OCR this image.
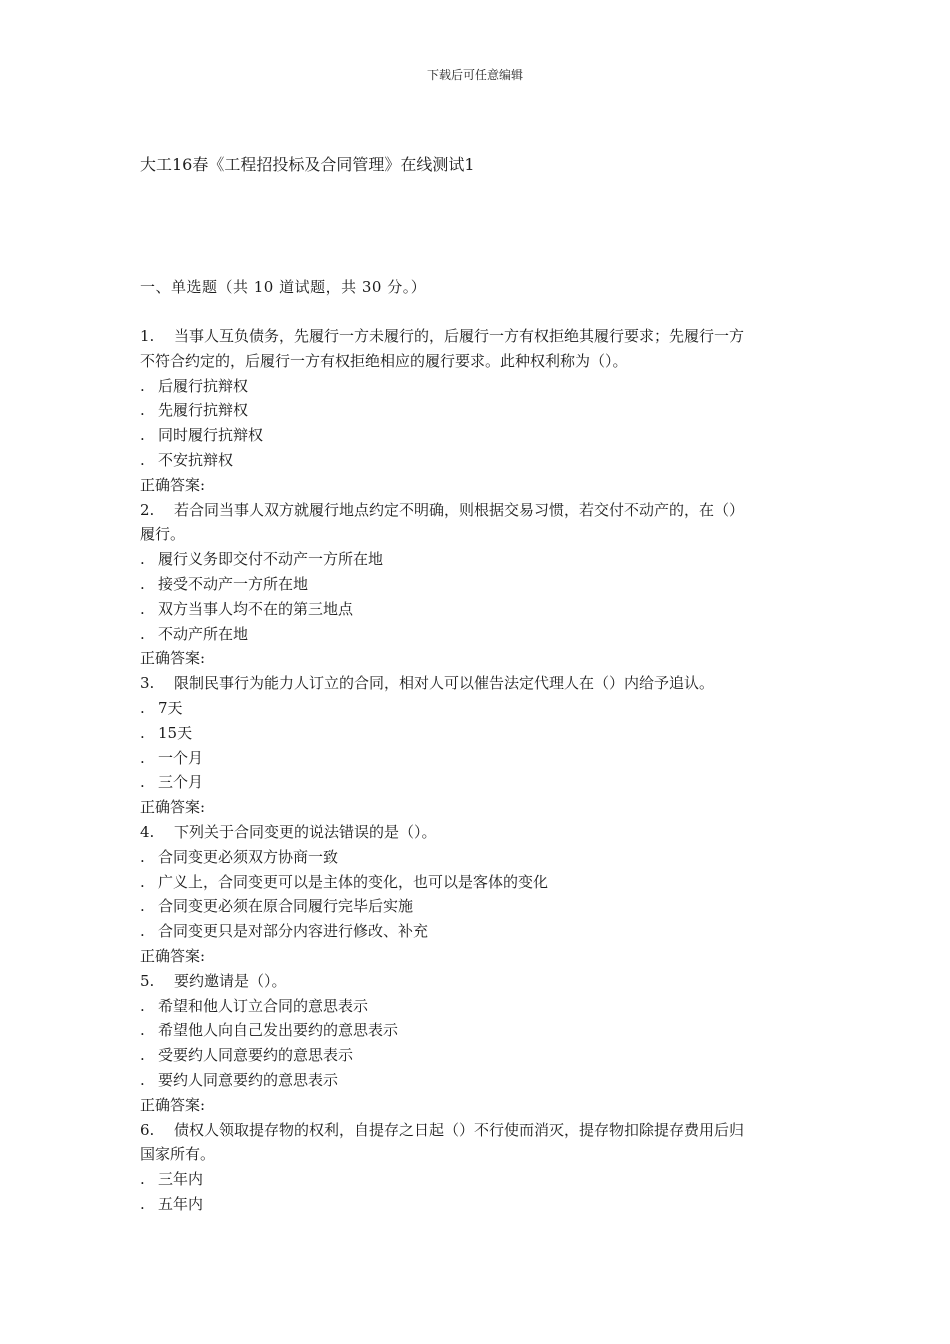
下载后可任意编辑
大工16春《工程招投标及合同管理》在线测试1
一、单选题（共 10 道试题，共 30 分。）
1.	当事人互负债务，先履行一方未履行的，后履行一方有权拒绝其履行要求；先履行一方
不符合约定的，后履行一方有权拒绝相应的履行要求。此种权利称为（）。
. 后履行抗辩权
. 先履行抗辩权
. 同时履行抗辩权
. 不安抗辩权
正确答案:
2.	若合同当事人双方就履行地点约定不明确，则根据交易习惯，若交付不动产的，在（）
履行。
. 履行义务即交付不动产一方所在地
. 接受不动产一方所在地
. 双方当事人均不在的第三地点
. 不动产所在地
正确答案:
3.	限制民事行为能力人订立的合同，相对人可以催告法定代理人在（）内给予追认。
. 7天
. 15天
. 一个月
. 三个月
正确答案:
4.	下列关于合同变更的说法错误的是（）。
. 合同变更必须双方协商一致
. 广义上，合同变更可以是主体的变化，也可以是客体的变化
. 合同变更必须在原合同履行完毕后实施
. 合同变更只是对部分内容进行修改、补充
正确答案:
5.	要约邀请是（）。
. 希望和他人订立合同的意思表示
. 希望他人向自己发出要约的意思表示
. 受要约人同意要约的意思表示
. 要约人同意要约的意思表示
正确答案:
6.	债权人领取提存物的权利，自提存之日起（）不行使而消灭，提存物扣除提存费用后归
国家所有。
. 三年内
. 五年内
